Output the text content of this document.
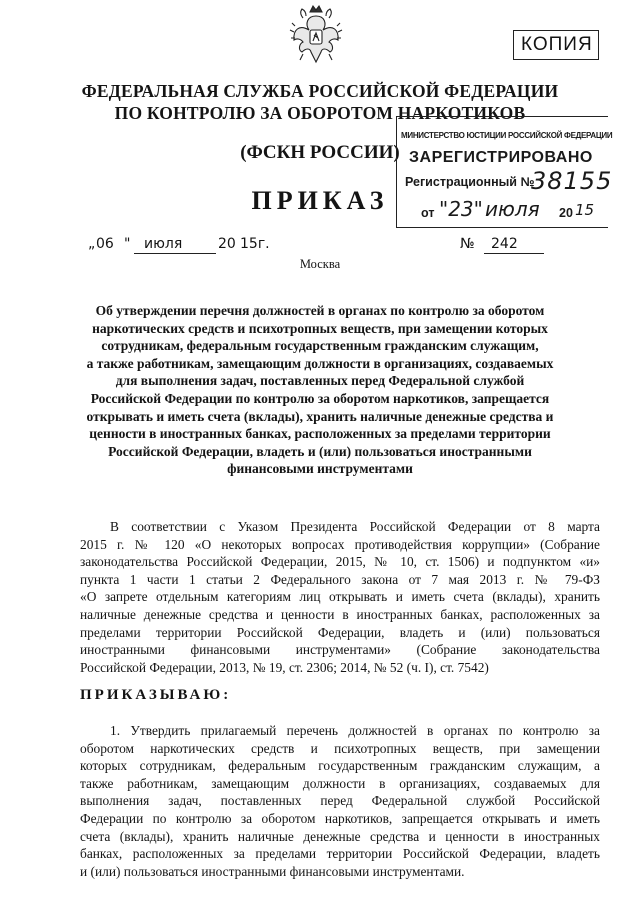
КОПИЯ
ФЕДЕРАЛЬНАЯ СЛУЖБА РОССИЙСКОЙ ФЕДЕРАЦИИ
ПО КОНТРОЛЮ ЗА ОБОРОТОМ НАРКОТИКОВ
(ФСКН РОССИИ)
ПРИКАЗ
МИНИСТЕРСТВО ЮСТИЦИИ РОССИЙСКОЙ ФЕДЕРАЦИИ
ЗАРЕГИСТРИРОВАНО
Регистрационный №
38155
от "23" июля 20 15
„ 06 " июля	20 15г.	№ 242
Москва
Об утверждении перечня должностей в органах по контролю за оборотом
наркотических средств и психотропных веществ, при замещении которых
сотрудникам, федеральным государственным гражданским служащим,
а также работникам, замещающим должности в организациях, создаваемых
для выполнения задач, поставленных перед Федеральной службой
Российской Федерации по контролю за оборотом наркотиков, запрещается
открывать и иметь счета (вклады), хранить наличные денежные средства и
ценности в иностранных банках, расположенных за пределами территории
Российской Федерации, владеть и (или) пользоваться иностранными
финансовыми инструментами
В соответствии с Указом Президента Российской Федерации от 8 марта
2015 г. № 120 «О некоторых вопросах противодействия коррупции» (Собрание
законодательства Российской Федерации, 2015, № 10, ст. 1506) и подпунктом «и»
пункта 1 части 1 статьи 2 Федерального закона от 7 мая 2013 г. № 79-ФЗ
«О запрете отдельным категориям лиц открывать и иметь счета (вклады), хранить
наличные денежные средства и ценности в иностранных банках, расположенных за
пределами территории Российской Федерации, владеть и (или) пользоваться
иностранными финансовыми инструментами» (Собрание законодательства
Российской Федерации, 2013, № 19, ст. 2306; 2014, № 52 (ч. I), ст. 7542)
ПРИКАЗЫВАЮ:
1. Утвердить прилагаемый перечень должностей в органах по контролю за
оборотом наркотических средств и психотропных веществ, при замещении
которых сотрудникам, федеральным государственным гражданским служащим, а
также работникам, замещающим должности в организациях, создаваемых для
выполнения задач, поставленных перед Федеральной службой Российской
Федерации по контролю за оборотом наркотиков, запрещается открывать и иметь
счета (вклады), хранить наличные денежные средства и ценности в иностранных
банках, расположенных за пределами территории Российской Федерации, владеть
и (или) пользоваться иностранными финансовыми инструментами.
